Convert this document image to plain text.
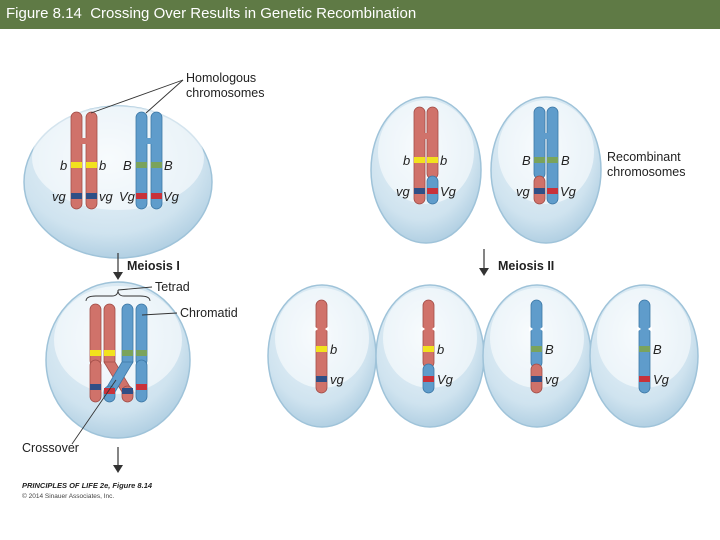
Figure 8.14  Crossing Over Results in Genetic Recombination
b b B B
vg	vg Vg Vg
Homologous
chromosomes
Meiosis I
Tetrad
Chromatid
Crossover
b b
vg Vg
B B
vg Vg
Recombinant
chromosomes
Meiosis II
b
vg
b
Vg
B
vg
B
Vg
PRINCIPLES OF LIFE 2e, Figure 8.14
© 2014 Sinauer Associates, Inc.
